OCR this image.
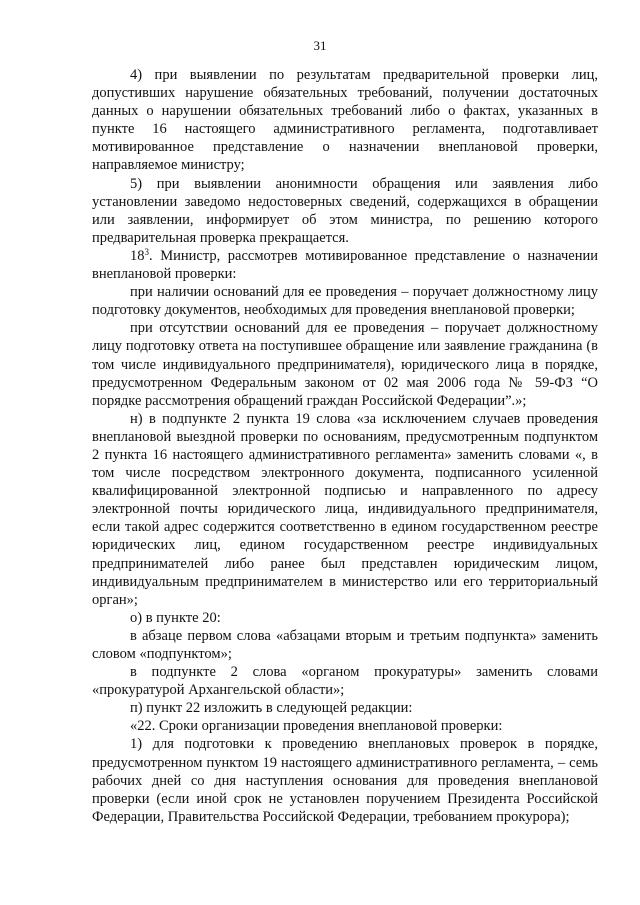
31

4) при выявлении по результатам предварительной проверки лиц, допустивших нарушение обязательных требований, получении достаточных данных о нарушении обязательных требований либо о фактах, указанных в пункте 16 настоящего административного регламента, подготавливает мотивированное представление о назначении внеплановой проверки, направляемое министру;

5) при выявлении анонимности обращения или заявления либо установлении заведомо недостоверных сведений, содержащихся в обращении или заявлении, информирует об этом министра, по решению которого предварительная проверка прекращается.

$18^3$. Министр, рассмотрев мотивированное представление о назначении внеплановой проверки:

при наличии оснований для ее проведения – поручает должностному лицу подготовку документов, необходимых для проведения внеплановой проверки;

при отсутствии оснований для ее проведения – поручает должностному лицу подготовку ответа на поступившее обращение или заявление гражданина (в том числе индивидуального предпринимателя), юридического лица в порядке, предусмотренном Федеральным законом от 02 мая 2006 года № 59-ФЗ “О порядке рассмотрения обращений граждан Российской Федерации”.»;

н) в подпункте 2 пункта 19 слова «за исключением случаев проведения внеплановой выездной проверки по основаниям, предусмотренным подпунктом 2 пункта 16 настоящего административного регламента» заменить словами «, в том числе посредством электронного документа, подписанного усиленной квалифицированной электронной подписью и направленного по адресу электронной почты юридического лица, индивидуального предпринимателя, если такой адрес содержится соответственно в едином государственном реестре юридических лиц, едином государственном реестре индивидуальных предпринимателей либо ранее был представлен юридическим лицом, индивидуальным предпринимателем в министерство или его территориальный орган»;

о) в пункте 20:

в абзаце первом слова «абзацами вторым и третьим подпункта» заменить словом «подпунктом»;

в подпункте 2 слова «органом прокуратуры» заменить словами «прокуратурой Архангельской области»;

п) пункт 22 изложить в следующей редакции:

«22. Сроки организации проведения внеплановой проверки:

1) для подготовки к проведению внеплановых проверок в порядке, предусмотренном пунктом 19 настоящего административного регламента, – семь рабочих дней со дня наступления основания для проведения внеплановой проверки (если иной срок не установлен поручением Президента Российской Федерации, Правительства Российской Федерации, требованием прокурора);
